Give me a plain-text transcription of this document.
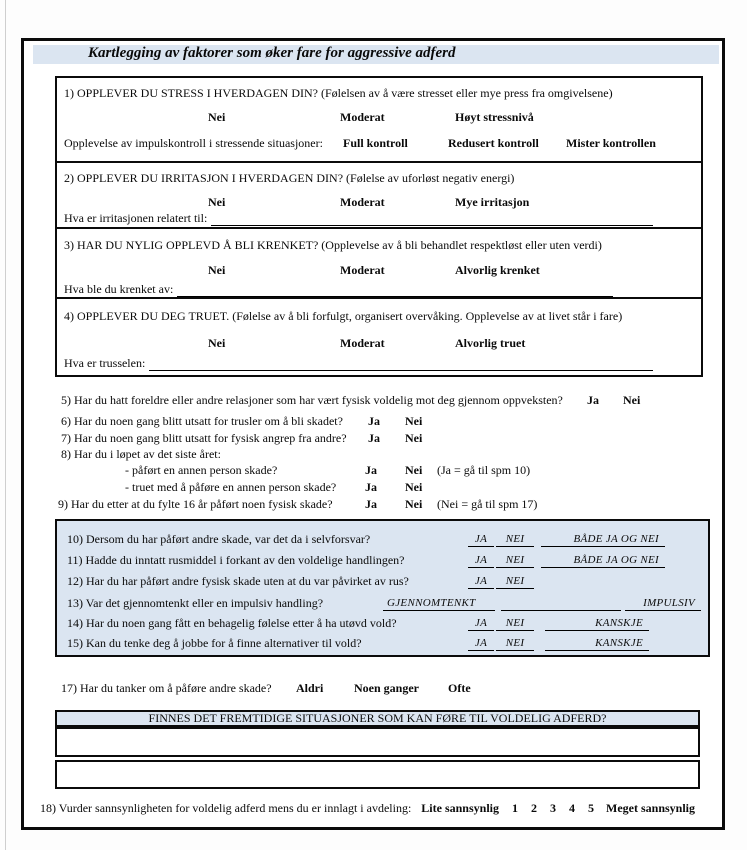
Kartlegging av faktorer som øker fare for aggressive adferd
1) OPPLEVER DU STRESS I HVERDAGEN DIN? (Følelsen av å være stresset eller mye press fra omgivelsene)
Nei	Moderat	Høyt stressnivå
Opplevelse av impulskontroll i stressende situasjoner: Full kontroll	Redusert kontroll Mister kontrollen
2) OPPLEVER DU IRRITASJON I HVERDAGEN DIN? (Følelse av uforløst negativ energi)
Nei	Moderat	Mye irritasjon
Hva er irritasjonen relatert til:
3) HAR DU NYLIG OPPLEVD Å BLI KRENKET? (Opplevelse av å bli behandlet respektløst eller uten verdi)
Nei	Moderat	Alvorlig krenket
Hva ble du krenket av:
4) OPPLEVER DU DEG TRUET. (Følelse av å bli forfulgt, organisert overvåking. Opplevelse av at livet står i fare)
Nei	Moderat	Alvorlig truet
Hva er trusselen:
5) Har du hatt foreldre eller andre relasjoner som har vært fysisk voldelig mot deg gjennom oppveksten? Ja Nei
6) Har du noen gang blitt utsatt for trusler om å bli skadet? Ja Nei
7) Har du noen gang blitt utsatt for fysisk angrep fra andre? Ja Nei
8) Har du i løpet av det siste året:
- påført en annen person skade?	Ja Nei (Ja = gå til spm 10)
- truet med å påføre en annen person skade? Ja Nei
9) Har du etter at du fylte 16 år påført noen fysisk skade?	Ja Nei (Nei = gå til spm 17)
10) Dersom du har påført andre skade, var det da i selvforsvar?	JA	NEI	BÅDE JA OG NEI
11) Hadde du inntatt rusmiddel i forkant av den voldelige handlingen?	JA	NEI	BÅDE JA OG NEI
12) Har du har påført andre fysisk skade uten at du var påvirket av rus?	JA	NEI
13) Var det gjennomtenkt eller en impulsiv handling?	GJENNOMTENKT	IMPULSIV
14) Har du noen gang fått en behagelig følelse etter å ha utøvd vold?	JA	NEI	KANSKJE
15) Kan du tenke deg å jobbe for å finne alternativer til vold?	JA	NEI	KANSKJE
17) Har du tanker om å påføre andre skade? Aldri	Noen ganger Ofte
FINNES DET FREMTIDIGE SITUASJONER SOM KAN FØRE TIL VOLDELIG ADFERD?
18) Vurder sannsynligheten for voldelig adferd mens du er innlagt i avdeling: Lite sannsynlig 1 2 3 4 5 Meget sannsynlig
